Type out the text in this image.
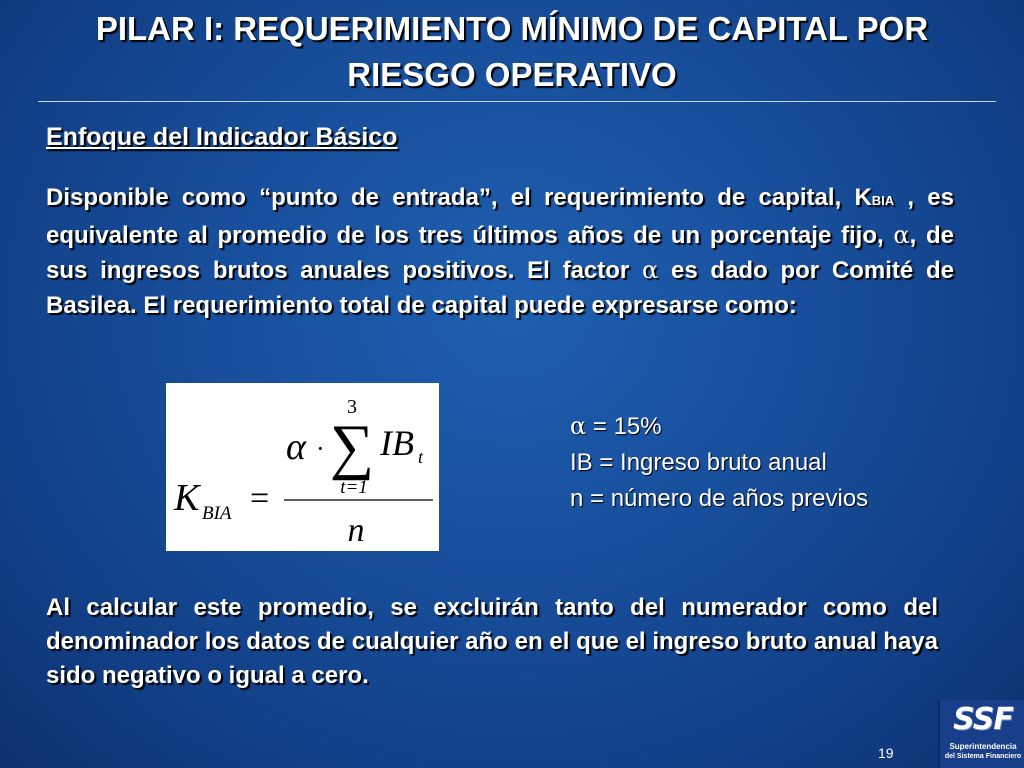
PILAR I: REQUERIMIENTO MÍNIMO DE CAPITAL POR
RIESGO OPERATIVO
Enfoque del Indicador Básico
Disponible como “punto de entrada”, el requerimiento de capital, KBIA , es equivalente al promedio de los tres últimos años de un porcentaje fijo, α, de sus ingresos brutos anuales positivos. El factor α es dado por Comité de Basilea. El requerimiento total de capital puede expresarse como:
3
α · ∑ IB t
t=1
K BIA =
n
α = 15%
IB = Ingreso bruto anual
n = número de años previos
Al calcular este promedio, se excluirán tanto del numerador como del denominador los datos de cualquier año en el que el ingreso bruto anual haya sido negativo o igual a cero.
19
SSF
Superintendencia
del Sistema Financiero
